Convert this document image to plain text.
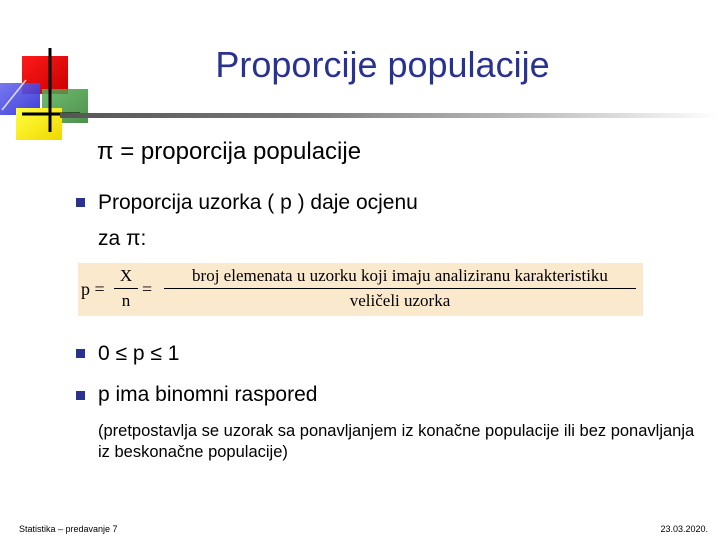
Proporcije populacije
π = proporcija populacije
Proporcija uzorka ( p ) daje ocjenu
za π:
p =
X
n
=
broj elemenata u uzorku koji imaju analiziranu karakteristiku
veličeli uzorka
0 ≤ p ≤ 1
p ima binomni raspored
(pretpostavlja se uzorak sa ponavljanjem iz konačne populacije ili bez ponavljanja iz beskonačne populacije)
Statistika – predavanje 7	23.03.2020.
